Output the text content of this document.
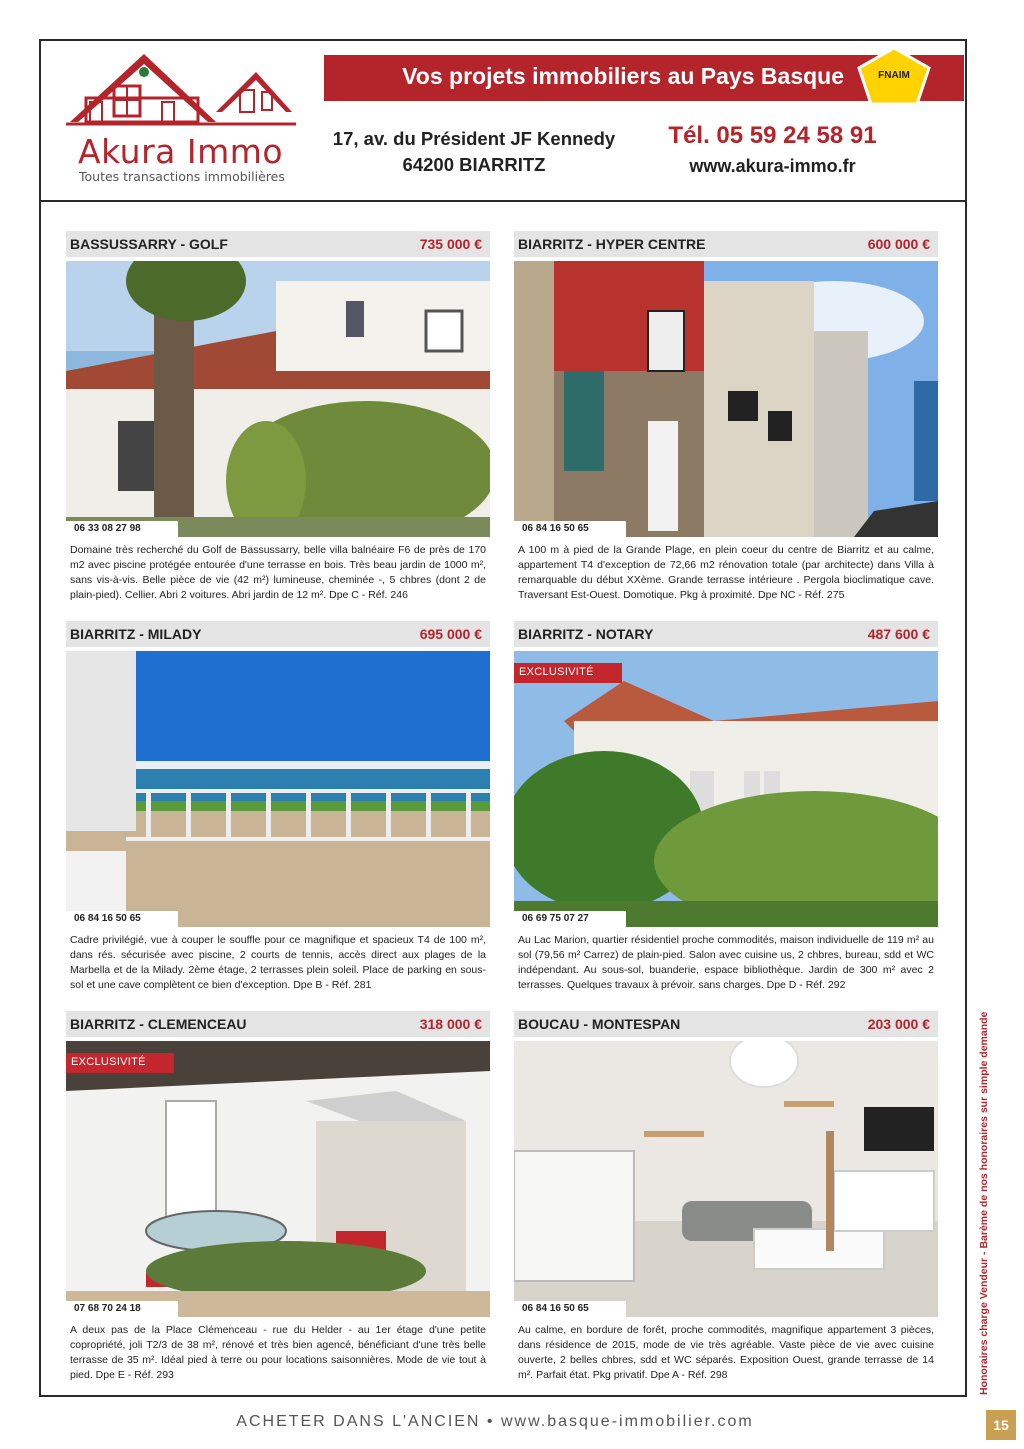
Akura Immo
Toutes transactions immobilières
Vos projets immobiliers au Pays Basque	FNAIM
17, av. du Président JF Kennedy
64200 BIARRITZ
Tél. 05 59 24 58 91
www.akura-immo.fr
BASSUSSARRY - GOLF	735 000 €
06 33 08 27 98
Domaine très recherché du Golf de Bassussarry, belle villa balnéaire F6 de près de 170 m2 avec piscine protégée entourée d'une terrasse en bois. Très beau jardin de 1000 m², sans vis-à-vis. Belle pièce de vie (42 m²) lumineuse, cheminée -, 5 chbres (dont 2 de plain-pied). Cellier. Abri 2 voitures. Abri jardin de 12 m². Dpe C - Réf. 246
BIARRITZ - HYPER CENTRE	600 000 €
06 84 16 50 65
A 100 m à pied de la Grande Plage, en plein coeur du centre de Biarritz et au calme, appartement T4 d'exception de 72,66 m2 rénovation totale (par architecte) dans Villa à remarquable du début XXème. Grande terrasse intérieure . Pergola bioclimatique cave. Traversant Est-Ouest. Domotique. Pkg à proximité. Dpe NC - Réf. 275
BIARRITZ - MILADY	695 000 €
06 84 16 50 65
Cadre privilégié, vue à couper le souffle pour ce magnifique et spacieux T4 de 100 m², dans rés. sécurisée avec piscine, 2 courts de tennis, accès direct aux plages de la Marbella et de la Milady. 2ème étage, 2 terrasses plein soleil. Place de parking en sous-sol et une cave complètent ce bien d'exception. Dpe B - Réf. 281
BIARRITZ - NOTARY	487 600 €
EXCLUSIVITÉ
06 69 75 07 27
Au Lac Marion, quartier résidentiel proche commodités, maison individuelle de 119 m² au sol (79,56 m² Carrez) de plain-pied. Salon avec cuisine us, 2 chbres, bureau, sdd et WC indépendant. Au sous-sol, buanderie, espace bibliothèque. Jardin de 300 m² avec 2 terrasses. Quelques travaux à prévoir. sans charges. Dpe D - Réf. 292
BIARRITZ - CLEMENCEAU	318 000 €
EXCLUSIVITÉ
07 68 70 24 18
A deux pas de la Place Clémenceau - rue du Helder - au 1er étage d'une petite copropriété, joli T2/3 de 38 m², rénové et très bien agencé, bénéficiant d'une très belle terrasse de 35 m². Idéal pied à terre ou pour locations saisonnières. Mode de vie tout à pied. Dpe E - Réf. 293
BOUCAU - MONTESPAN	203 000 €
06 84 16 50 65
Au calme, en bordure de forêt, proche commodités, magnifique appartement 3 pièces, dans résidence de 2015, mode de vie très agréable. Vaste pièce de vie avec cuisine ouverte, 2 belles chbres, sdd et WC séparés. Exposition Ouest, grande terrasse de 14 m². Parfait état. Pkg privatif. Dpe A - Réf. 298	Honoraires charge Vendeur - Barème de nos honoraires sur simple demande
ACHETER DANS L'ANCIEN • www.basque-immobilier.com	15
